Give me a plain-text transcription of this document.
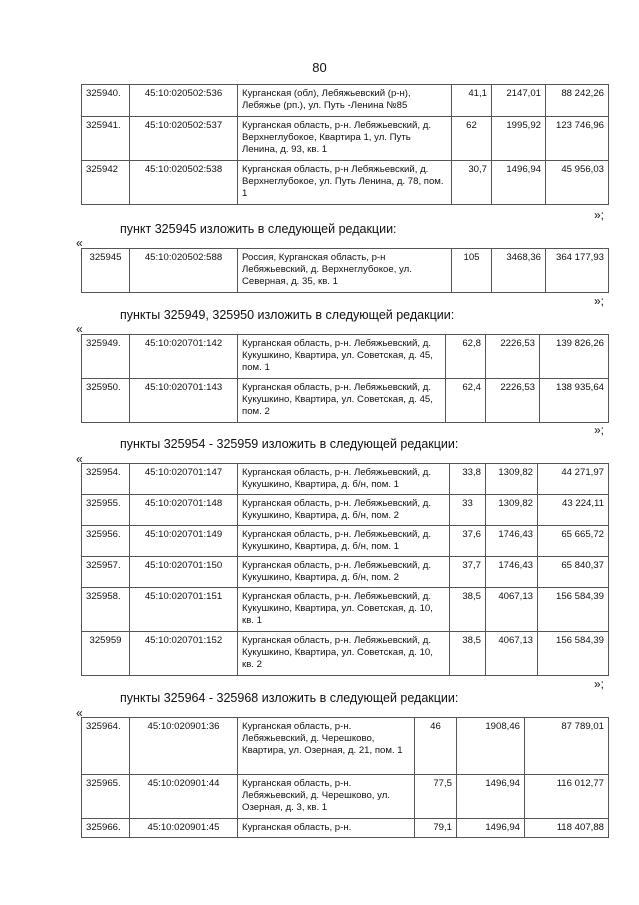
80
325940.	45:10:020502:536	Курганская (обл), Лебяжьевский (р-н), Лебяжье (рп.), ул. Путь -Ленина №85	41,1	2147,01	88 242,26
325941.	45:10:020502:537	Курганская область, р-н. Лебяжьевский, д. Верхнеглубокое, Квартира 1, ул. Путь Ленина, д. 93, кв. 1	62	1995,92	123 746,96
325942	45:10:020502:538	Курганская область, р-н Лебяжьевский, д. Верхнеглубокое, ул. Путь Ленина, д. 78, пом. 1	30,7	1496,94	45 956,03
»;
пункт 325945 изложить в следующей редакции:
«
325945	45:10:020502:588	Россия, Курганская область, р-н Лебяжьевский, д. Верхнеглубокое, ул. Северная, д. 35, кв. 1	105	3468,36	364 177,93
»;
пункты 325949, 325950 изложить в следующей редакции:
«
325949.	45:10:020701:142	Курганская область, р-н. Лебяжьевский, д. Кукушкино, Квартира, ул. Советская, д. 45, пом. 1	62,8	2226,53	139 826,26
325950.	45:10:020701:143	Курганская область, р-н. Лебяжьевский, д. Кукушкино, Квартира, ул. Советская, д. 45, пом. 2	62,4	2226,53	138 935,64
»;
пункты 325954 - 325959 изложить в следующей редакции:
«
325954.	45:10:020701:147	Курганская область, р-н. Лебяжьевский, д. Кукушкино, Квартира, д. б/н, пом. 1	33,8	1309,82	44 271,97
325955.	45:10:020701:148	Курганская область, р-н. Лебяжьевский, д. Кукушкино, Квартира, д. б/н, пом. 2	33	1309,82	43 224,11
325956.	45:10:020701:149	Курганская область, р-н. Лебяжьевский, д. Кукушкино, Квартира, д. б/н, пом. 1	37,6	1746,43	65 665,72
325957.	45:10:020701:150	Курганская область, р-н. Лебяжьевский, д. Кукушкино, Квартира, д. б/н, пом. 2	37,7	1746,43	65 840,37
325958.	45:10:020701:151	Курганская область, р-н. Лебяжьевский, д. Кукушкино, Квартира, ул. Советская, д. 10, кв. 1	38,5	4067,13	156 584,39
325959	45:10:020701:152	Курганская область, р-н. Лебяжьевский, д. Кукушкино, Квартира, ул. Советская, д. 10, кв. 2	38,5	4067,13	156 584,39
»;
пункты 325964 - 325968 изложить в следующей редакции:
«
325964.	45:10:020901:36	Курганская область, р-н. Лебяжьевский, д. Черешково, Квартира, ул. Озерная, д. 21, пом. 1	46	1908,46	87 789,01
325965.	45:10:020901:44	Курганская область, р-н. Лебяжьевский, д. Черешково, ул. Озерная, д. 3, кв. 1	77,5	1496,94	116 012,77
325966.	45:10:020901:45	Курганская область, р-н.	79,1	1496,94	118 407,88
